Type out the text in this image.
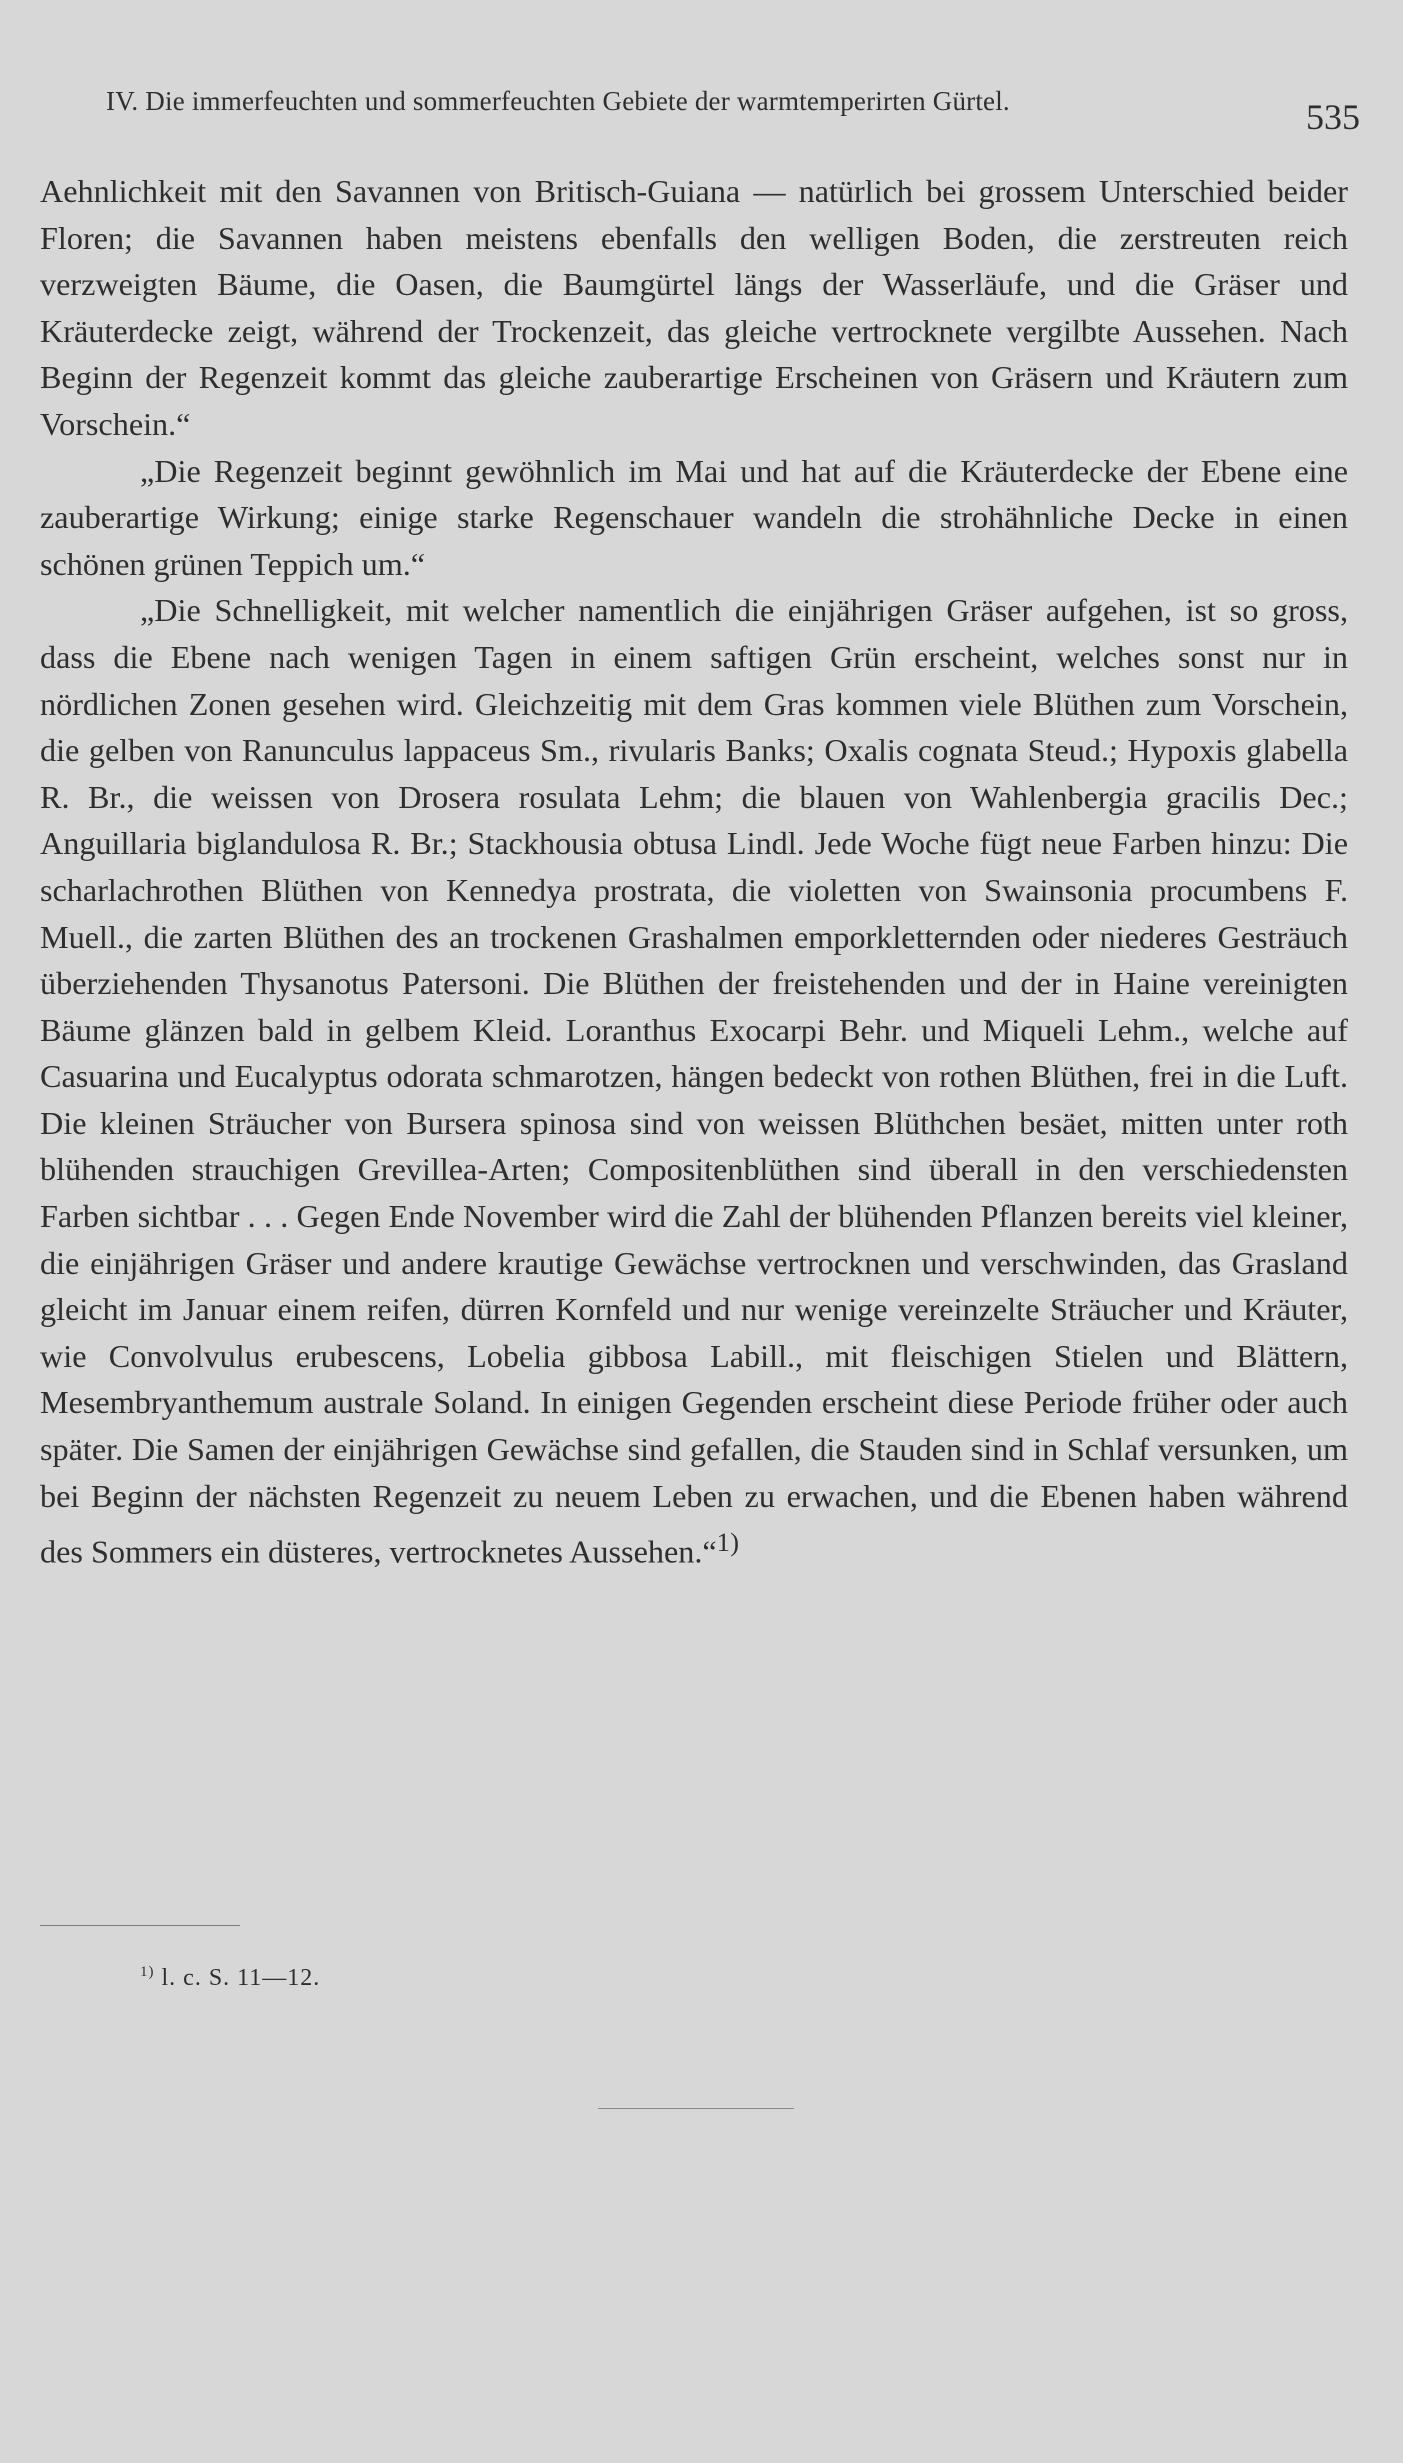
IV. Die immerfeuchten und sommerfeuchten Gebiete der warmtemperirten Gürtel.	535

Aehnlichkeit mit den Savannen von Britisch-Guiana — natürlich bei grossem Unterschied beider Floren; die Savannen haben meistens ebenfalls den welligen Boden, die zerstreuten reich verzweigten Bäume, die Oasen, die Baumgürtel längs der Wasserläufe, und die Gräser und Kräuterdecke zeigt, während der Trockenzeit, das gleiche vertrocknete vergilbte Aussehen. Nach Beginn der Regenzeit kommt das gleiche zauberartige Erscheinen von Gräsern und Kräutern zum Vorschein.“

„Die Regenzeit beginnt gewöhnlich im Mai und hat auf die Kräuterdecke der Ebene eine zauberartige Wirkung; einige starke Regenschauer wandeln die strohähnliche Decke in einen schönen grünen Teppich um.“

„Die Schnelligkeit, mit welcher namentlich die einjährigen Gräser aufgehen, ist so gross, dass die Ebene nach wenigen Tagen in einem saftigen Grün erscheint, welches sonst nur in nördlichen Zonen gesehen wird. Gleichzeitig mit dem Gras kommen viele Blüthen zum Vorschein, die gelben von Ranunculus lappaceus Sm., rivularis Banks; Oxalis cognata Steud.; Hypoxis glabella R. Br., die weissen von Drosera rosulata Lehm; die blauen von Wahlenbergia gracilis Dec.; Anguillaria biglandulosa R. Br.; Stackhousia obtusa Lindl. Jede Woche fügt neue Farben hinzu: Die scharlachrothen Blüthen von Kennedya prostrata, die violetten von Swainsonia procumbens F. Muell., die zarten Blüthen des an trockenen Grashalmen emporkletternden oder niederes Gesträuch überziehenden Thysanotus Patersoni. Die Blüthen der freistehenden und der in Haine vereinigten Bäume glänzen bald in gelbem Kleid. Loranthus Exocarpi Behr. und Miqueli Lehm., welche auf Casuarina und Eucalyptus odorata schmarotzen, hängen bedeckt von rothen Blüthen, frei in die Luft. Die kleinen Sträucher von Bursera spinosa sind von weissen Blüthchen besäet, mitten unter roth blühenden strauchigen Grevillea-Arten; Compositenblüthen sind überall in den verschiedensten Farben sichtbar . . . Gegen Ende November wird die Zahl der blühenden Pflanzen bereits viel kleiner, die einjährigen Gräser und andere krautige Gewächse vertrocknen und verschwinden, das Grasland gleicht im Januar einem reifen, dürren Kornfeld und nur wenige vereinzelte Sträucher und Kräuter, wie Convolvulus erubescens, Lobelia gibbosa Labill., mit fleischigen Stielen und Blättern, Mesembryanthemum australe Soland. In einigen Gegenden erscheint diese Periode früher oder auch später. Die Samen der einjährigen Gewächse sind gefallen, die Stauden sind in Schlaf versunken, um bei Beginn der nächsten Regenzeit zu neuem Leben zu erwachen, und die Ebenen haben während des Sommers ein düsteres, vertrocknetes Aussehen.“$^{1)}$

$^{1)}$ l. c. S. 11—12.
